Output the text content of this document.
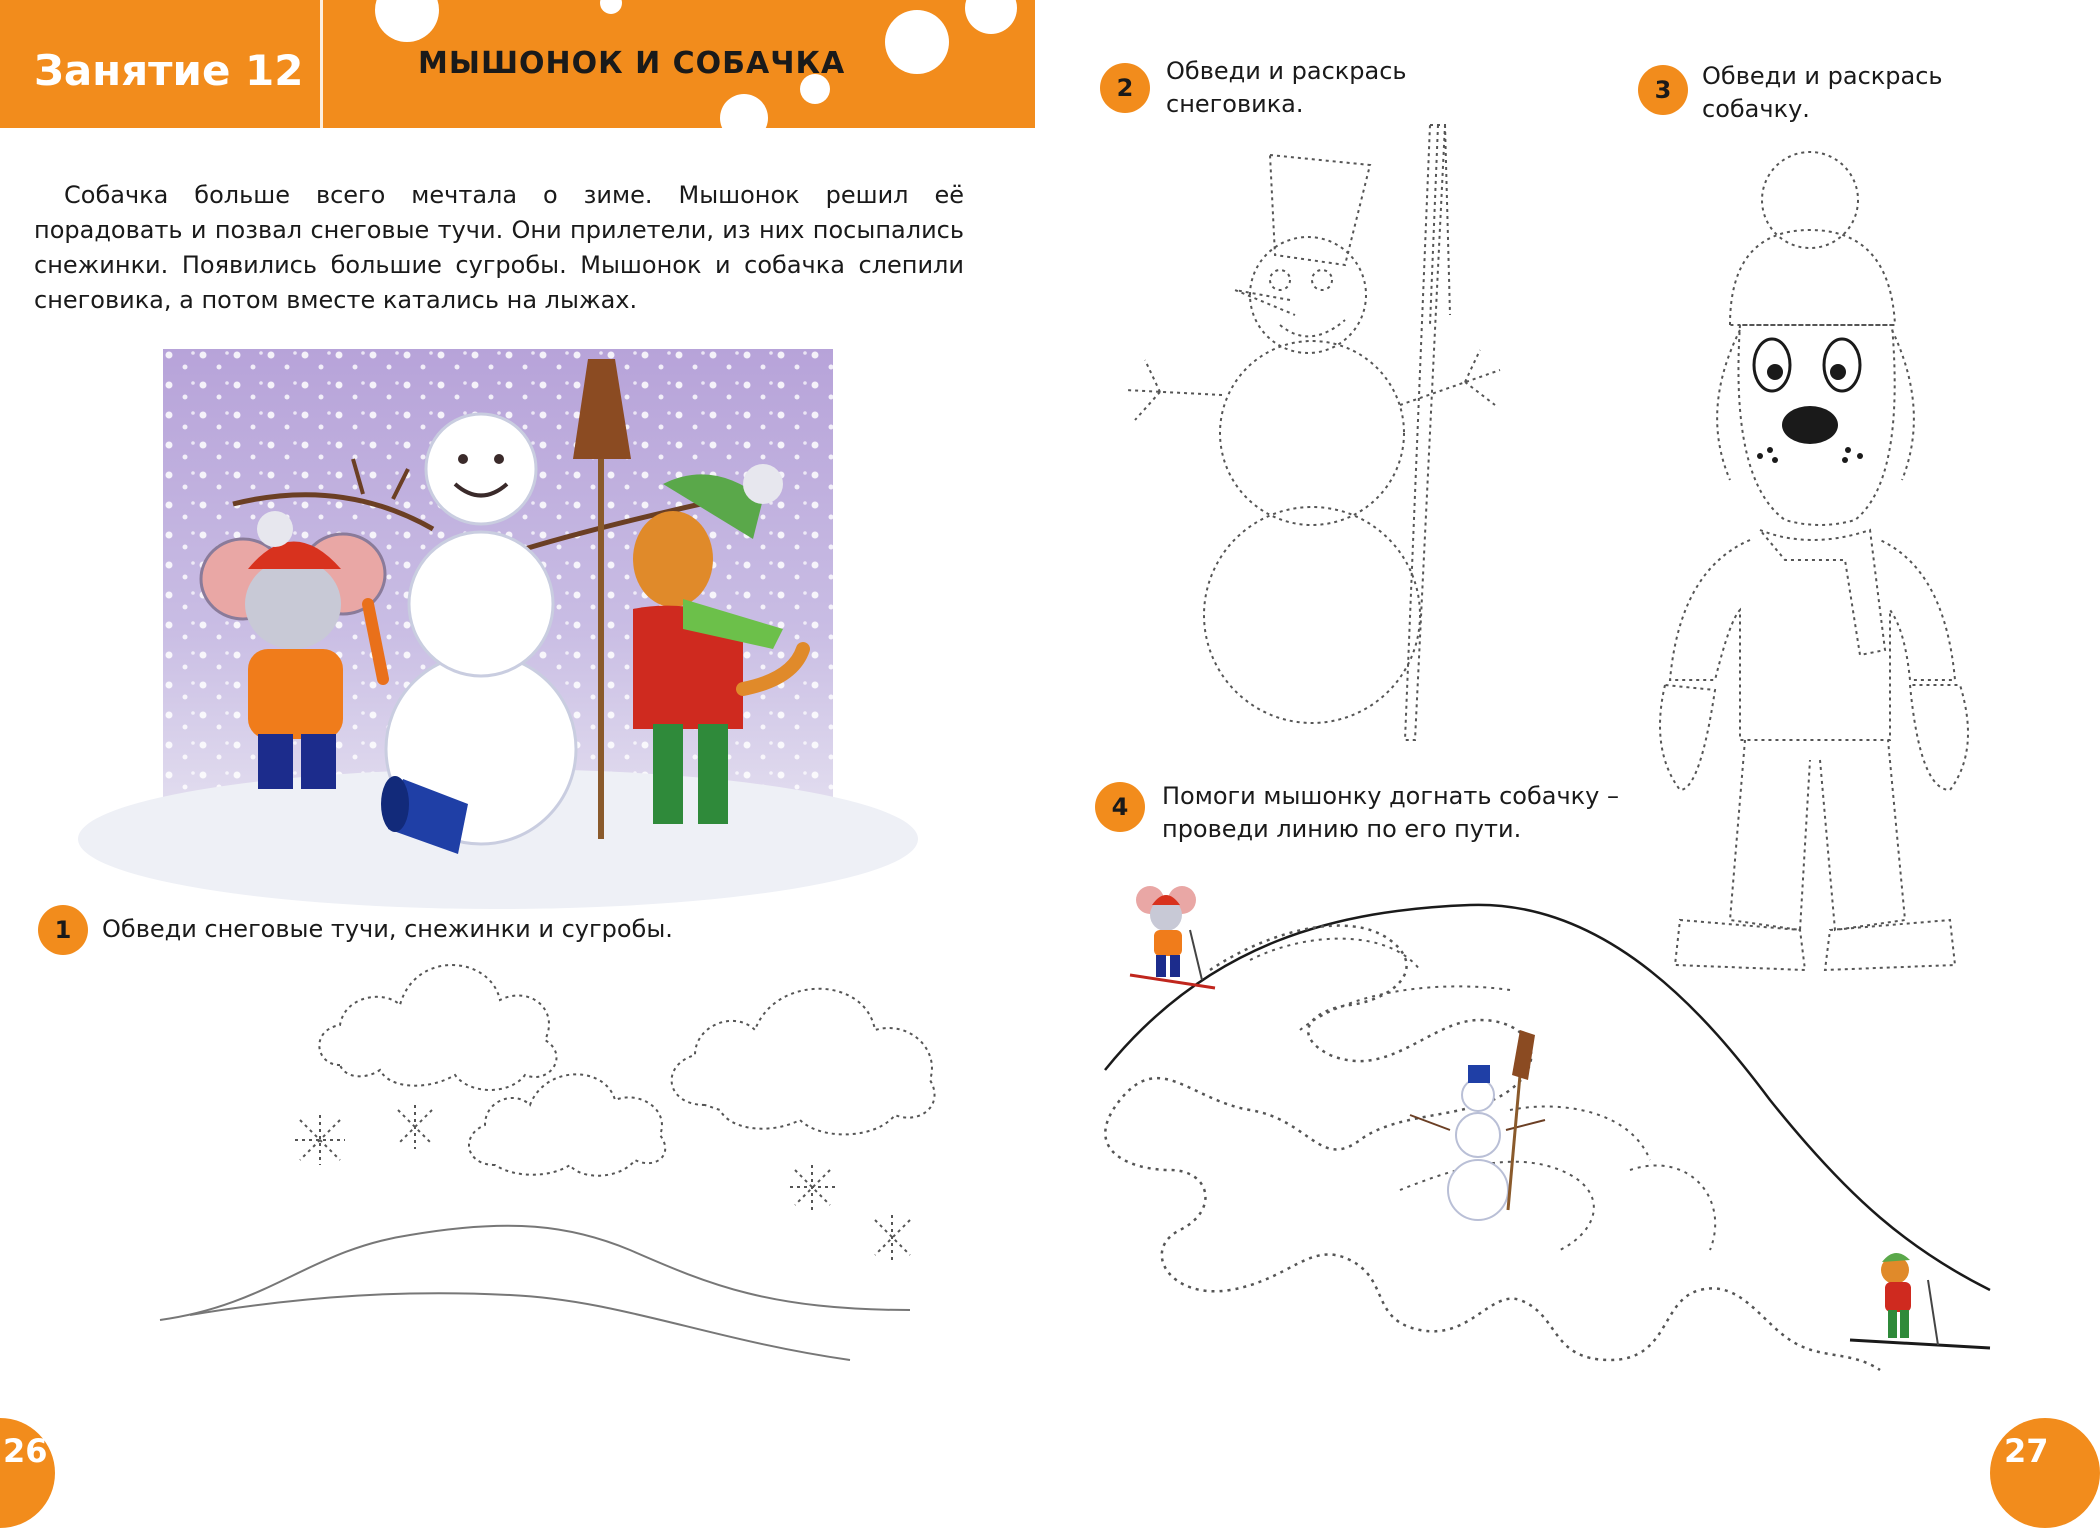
Занятие 12	МЫШОНОК И СОБАЧКА
Собачка больше всего мечтала о зиме. Мышонок решил её порадовать и позвал снеговые тучи. Они прилетели, из них посыпались снежинки. Появились большие сугробы. Мышонок и собачка слепили снеговика, а потом вместе катались на лыжах.
1 Обведи снеговые тучи, снежинки и сугробы.
26
2
Обведи и раскрась
снеговика.	3 Обведи и раскрась
собачку.
4 Помоги мышонку догнать собачку –
проведи линию по его пути.
27
